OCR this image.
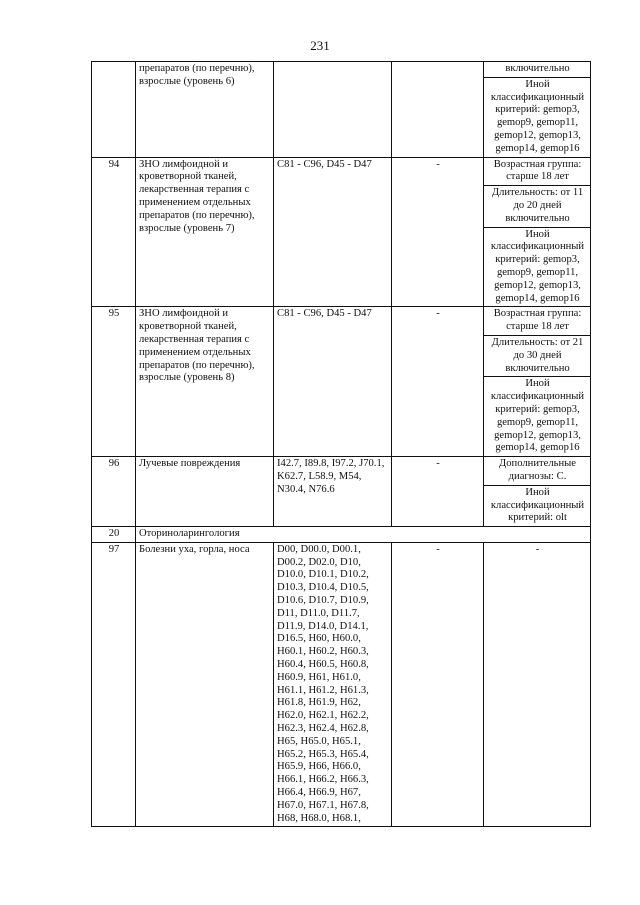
231
	препаратов (по перечню), взрослые (уровень 6)			включительно
				Иной классификационный критерий: gemop3, gemop9, gemop11, gemop12, gemop13, gemop14, gemop16
94	ЗНО лимфоидной и кроветворной тканей, лекарственная терапия с применением отдельных препаратов (по перечню), взрослые (уровень 7)	C81 - C96, D45 - D47	-	Возрастная группа: старше 18 лет
				Длительность: от 11 до 20 дней включительно
				Иной классификационный критерий: gemop3, gemop9, gemop11, gemop12, gemop13, gemop14, gemop16
95	ЗНО лимфоидной и кроветворной тканей, лекарственная терапия с применением отдельных препаратов (по перечню), взрослые (уровень 8)	C81 - C96, D45 - D47	-	Возрастная группа: старше 18 лет
				Длительность: от 21 до 30 дней включительно
				Иной классификационный критерий: gemop3, gemop9, gemop11, gemop12, gemop13, gemop14, gemop16
96	Лучевые повреждения	I42.7, I89.8, I97.2, J70.1, K62.7, L58.9, M54, N30.4, N76.6	-	Дополнительные диагнозы: С.
				Иной классификационный критерий: olt
20	Оториноларингология			
97	Болезни уха, горла, носа	D00, D00.0, D00.1, D00.2, D02.0, D10, D10.0, D10.1, D10.2, D10.3, D10.4, D10.5, D10.6, D10.7, D10.9, D11, D11.0, D11.7, D11.9, D14.0, D14.1, D16.5, H60, H60.0, H60.1, H60.2, H60.3, H60.4, H60.5, H60.8, H60.9, H61, H61.0, H61.1, H61.2, H61.3, H61.8, H61.9, H62, H62.0, H62.1, H62.2, H62.3, H62.4, H62.8, H65, H65.0, H65.1, H65.2, H65.3, H65.4, H65.9, H66, H66.0, H66.1, H66.2, H66.3, H66.4, H66.9, H67, H67.0, H67.1, H67.8, H68, H68.0, H68.1,	-	-
